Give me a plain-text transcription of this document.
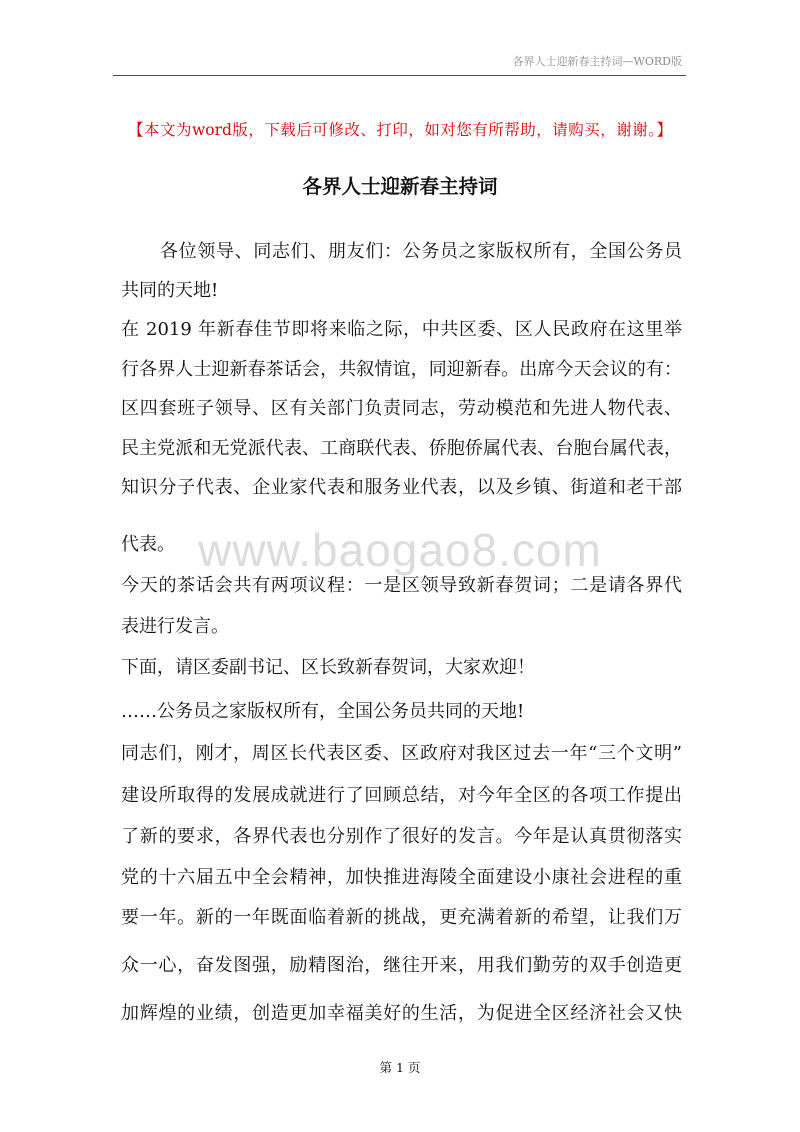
各界人士迎新春主持词—WORD版
【本文为word版，下载后可修改、打印，如对您有所帮助，请购买，谢谢。】
各界人士迎新春主持词
www.baogao8.com
各位领导、同志们、朋友们：公务员之家版权所有，全国公务员
共同的天地!
在 2019 年新春佳节即将来临之际，中共区委、区人民政府在这里举
行各界人士迎新春茶话会，共叙情谊，同迎新春。出席今天会议的有：
区四套班子领导、区有关部门负责同志，劳动模范和先进人物代表、
民主党派和无党派代表、工商联代表、侨胞侨属代表、台胞台属代表，
知识分子代表、企业家代表和服务业代表，以及乡镇、街道和老干部
代表。
今天的茶话会共有两项议程：一是区领导致新春贺词；二是请各界代
表进行发言。
下面，请区委副书记、区长致新春贺词，大家欢迎！
……公务员之家版权所有，全国公务员共同的天地!
同志们，刚才，周区长代表区委、区政府对我区过去一年“三个文明”
建设所取得的发展成就进行了回顾总结，对今年全区的各项工作提出
了新的要求，各界代表也分别作了很好的发言。今年是认真贯彻落实
党的十六届五中全会精神，加快推进海陵全面建设小康社会进程的重
要一年。新的一年既面临着新的挑战，更充满着新的希望，让我们万
众一心，奋发图强，励精图治，继往开来，用我们勤劳的双手创造更
加辉煌的业绩，创造更加幸福美好的生活，为促进全区经济社会又快
第 1 页
